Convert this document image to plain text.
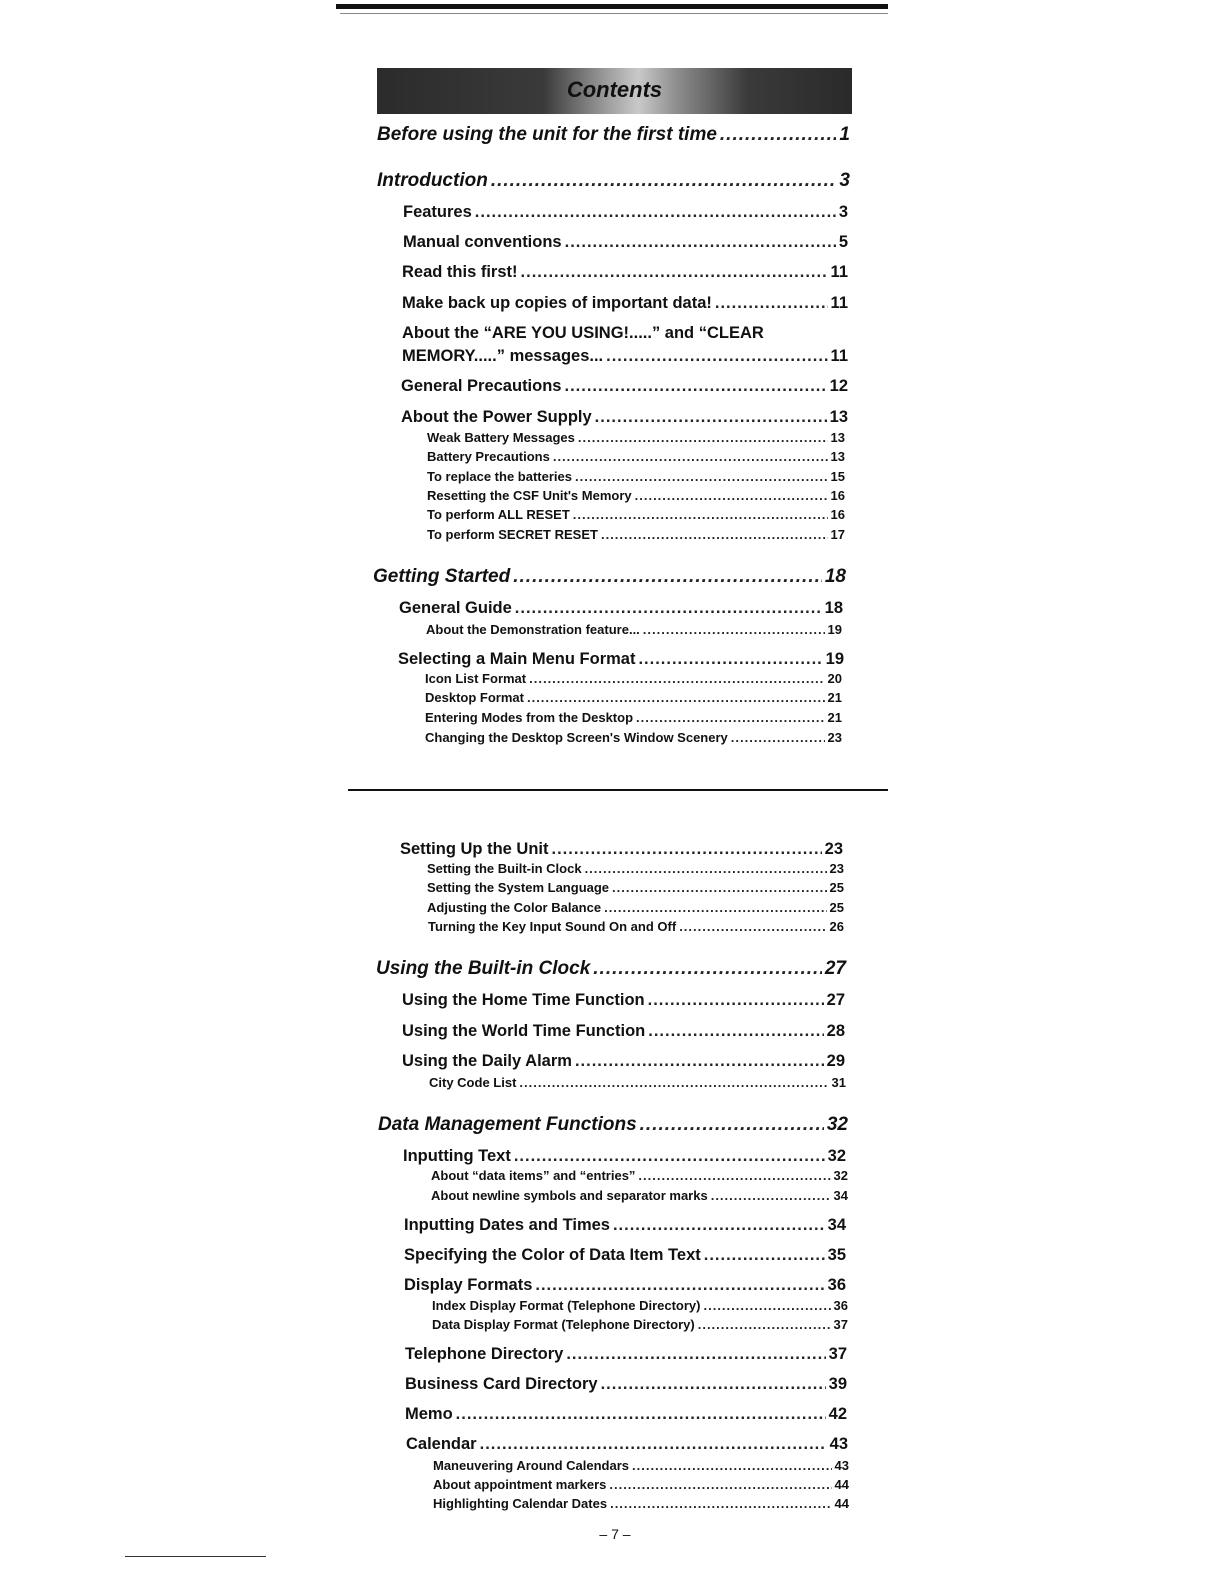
Contents
Before using the unit for the first time .....	1
Introduction .....	3
Features .....	3
Manual conventions .....	5
Read this first! .....	11
Make back up copies of important data! .....	11
About the “ARE YOU USING!.....” and “CLEAR
MEMORY.....” messages... .....	11
General Precautions .....	12
About the Power Supply .....	13
Weak Battery Messages .....	13
Battery Precautions .....	13
To replace the batteries .....	15
Resetting the CSF Unit's Memory .....	16
To perform ALL RESET .....	16
To perform SECRET RESET .....	17
Getting Started .....	18
General Guide .....	18
About the Demonstration feature... .....	19
Selecting a Main Menu Format .....	19
Icon List Format .....	20
Desktop Format .....	21
Entering Modes from the Desktop .....	21
Changing the Desktop Screen's Window Scenery .....	23
Setting Up the Unit .....	23
Setting the Built-in Clock .....	23
Setting the System Language .....	25
Adjusting the Color Balance .....	25
Turning the Key Input Sound On and Off .....	26
Using the Built-in Clock .....	27
Using the Home Time Function .....	27
Using the World Time Function .....	28
Using the Daily Alarm .....	29
City Code List .....	31
Data Management Functions .....	32
Inputting Text .....	32
About “data items” and “entries” .....	32
About newline symbols and separator marks .....	34
Inputting Dates and Times .....	34
Specifying the Color of Data Item Text .....	35
Display Formats .....	36
Index Display Format (Telephone Directory) .....	36
Data Display Format (Telephone Directory) .....	37
Telephone Directory .....	37
Business Card Directory .....	39
Memo .....	42
Calendar .....	43
Maneuvering Around Calendars .....	43
About appointment markers .....	44
Highlighting Calendar Dates .....	44
– 7 –
